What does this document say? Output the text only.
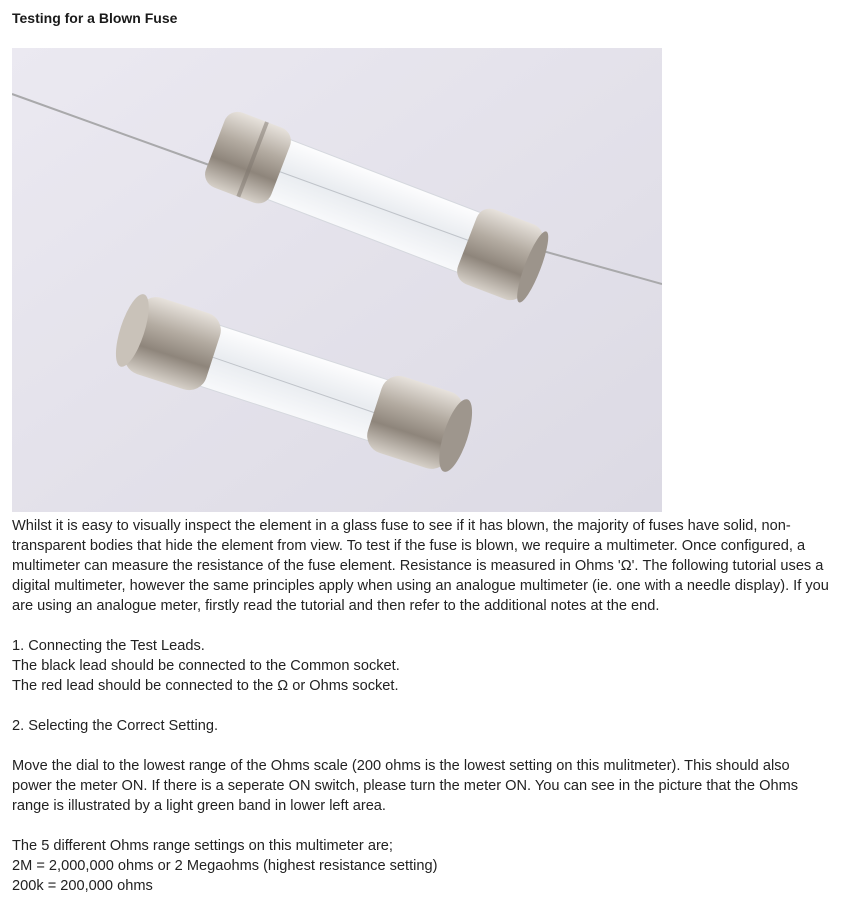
Testing for a Blown Fuse

Whilst it is easy to visually inspect the element in a glass fuse to see if it has blown, the majority of fuses have solid, non-transparent bodies that hide the element from view. To test if the fuse is blown, we require a multimeter. Once configured, a multimeter can measure the resistance of the fuse element. Resistance is measured in Ohms 'Ω'. The following tutorial uses a digital multimeter, however the same principles apply when using an analogue multimeter (ie. one with a needle display). If you are using an analogue meter, firstly read the tutorial and then refer to the additional notes at the end.

1. Connecting the Test Leads.

The black lead should be connected to the Common socket.

The red lead should be connected to the Ω or Ohms socket.

2. Selecting the Correct Setting.

Move the dial to the lowest range of the Ohms scale (200 ohms is the lowest setting on this mulitmeter). This should also power the meter ON. If there is a seperate ON switch, please turn the meter ON. You can see in the picture that the Ohms range is illustrated by a light green band in lower left area.

The 5 different Ohms range settings on this multimeter are;

2M = 2,000,000 ohms or 2 Megaohms (highest resistance setting)

200k = 200,000 ohms
